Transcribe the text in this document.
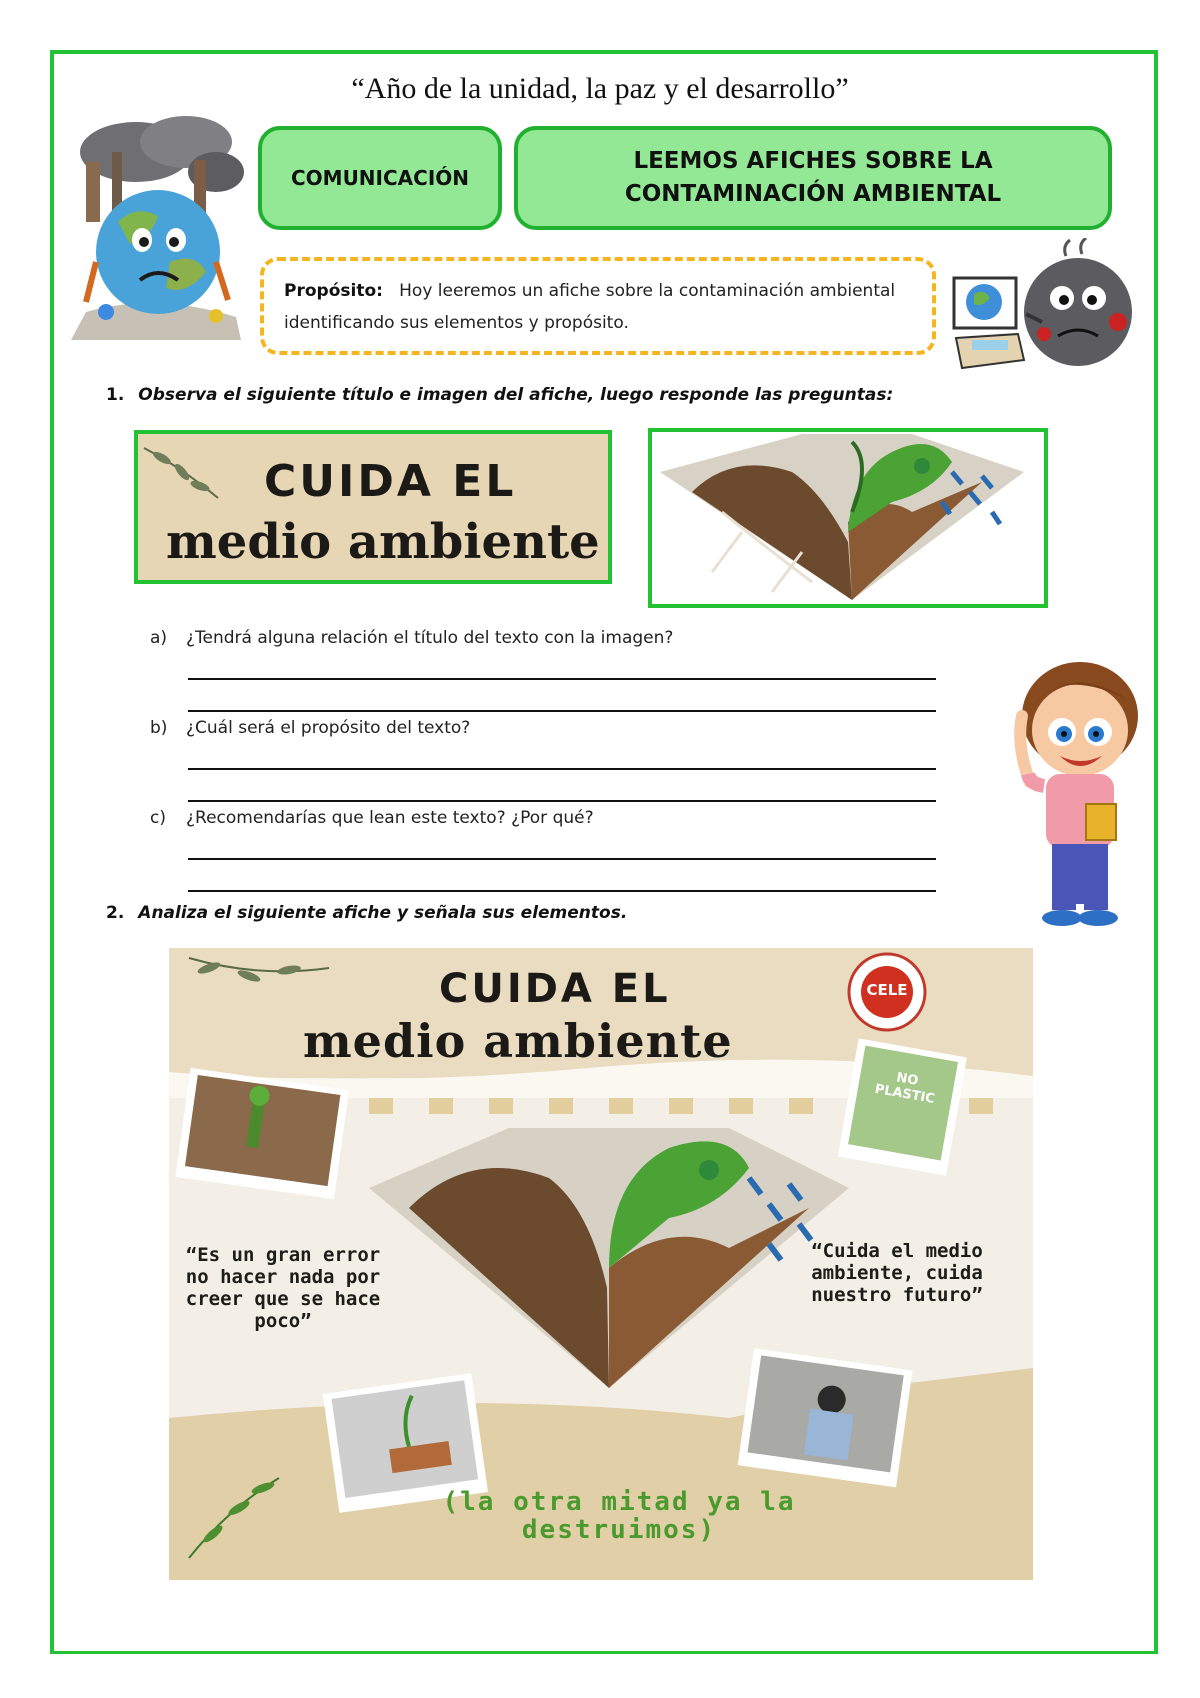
“Año de la unidad, la paz y el desarrollo”
COMUNICACIÓN
LEEMOS AFICHES SOBRE LA
CONTAMINACIÓN AMBIENTAL
Propósito: Hoy leeremos un afiche sobre la contaminación ambiental identificando sus elementos y propósito.
1. Observa el siguiente título e imagen del afiche, luego responde las preguntas:
CUIDA EL
medio ambiente
a) ¿Tendrá alguna relación el título del texto con la imagen?
b) ¿Cuál será el propósito del texto?
c) ¿Recomendarías que lean este texto? ¿Por qué?
2. Analiza el siguiente afiche y señala sus elementos.
CUIDA EL
medio ambiente
CELE
NO PLASTIC
“Es un gran error no hacer nada por creer que se hace poco”
“Cuida el medio ambiente, cuida nuestro futuro”
(la otra mitad ya la destruimos)
